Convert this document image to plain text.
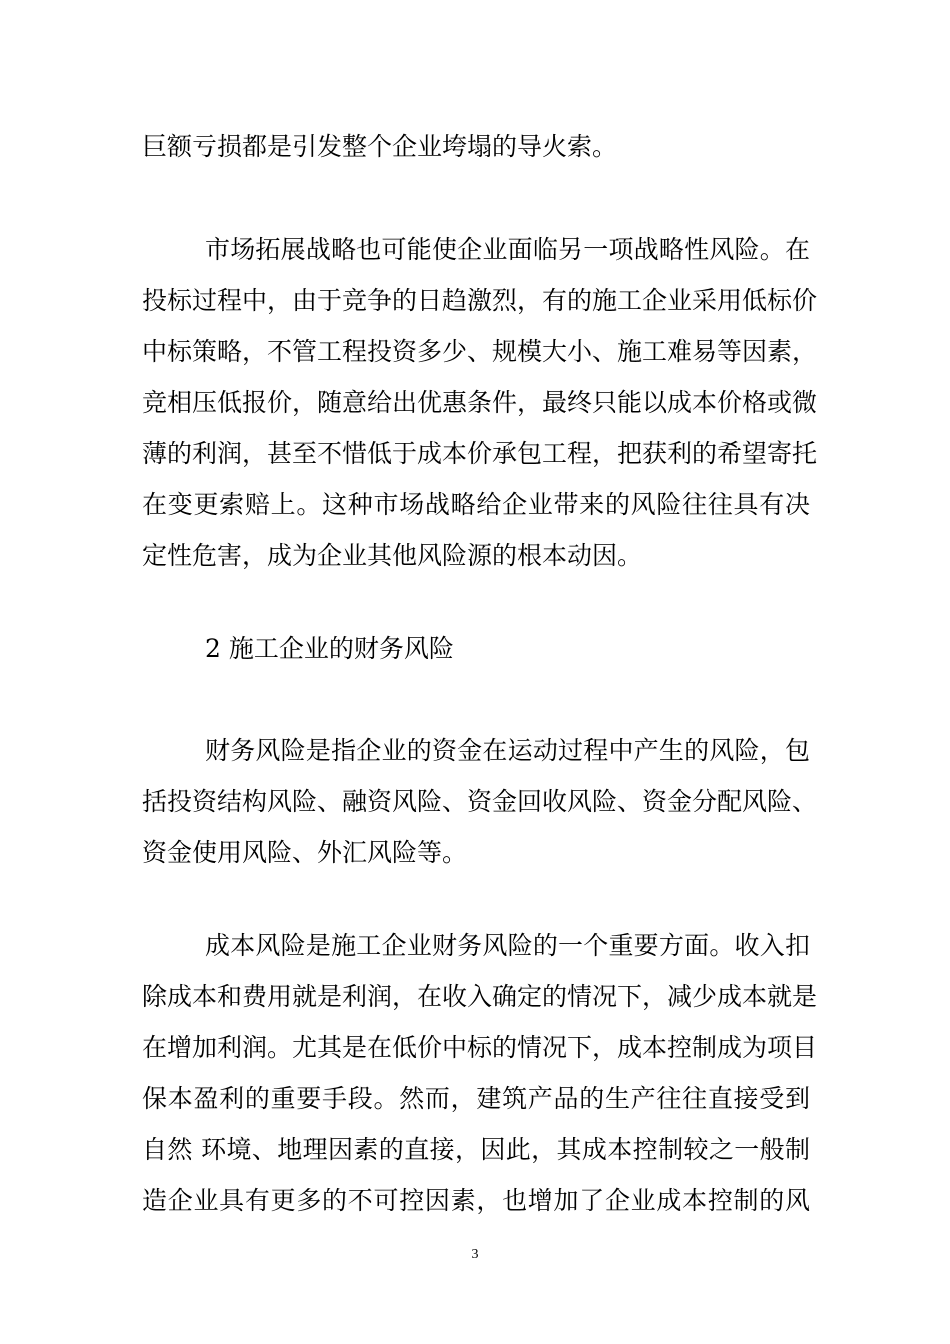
巨额亏损都是引发整个企业垮塌的导火索。
市场拓展战略也可能使企业面临另一项战略性风险。在
投标过程中，由于竞争的日趋激烈，有的施工企业采用低标价
中标策略，不管工程投资多少、规模大小、施工难易等因素，
竞相压低报价，随意给出优惠条件，最终只能以成本价格或微
薄的利润，甚至不惜低于成本价承包工程，把获利的希望寄托
在变更索赔上。这种市场战略给企业带来的风险往往具有决
定性危害，成为企业其他风险源的根本动因。
2 施工企业的财务风险
财务风险是指企业的资金在运动过程中产生的风险，包
括投资结构风险、融资风险、资金回收风险、资金分配风险、
资金使用风险、外汇风险等。
成本风险是施工企业财务风险的一个重要方面。收入扣
除成本和费用就是利润，在收入确定的情况下，减少成本就是
在增加利润。尤其是在低价中标的情况下，成本控制成为项目
保本盈利的重要手段。然而，建筑产品的生产往往直接受到
自然 环境、地理因素的直接，因此，其成本控制较之一般制
造企业具有更多的不可控因素，也增加了企业成本控制的风
3
